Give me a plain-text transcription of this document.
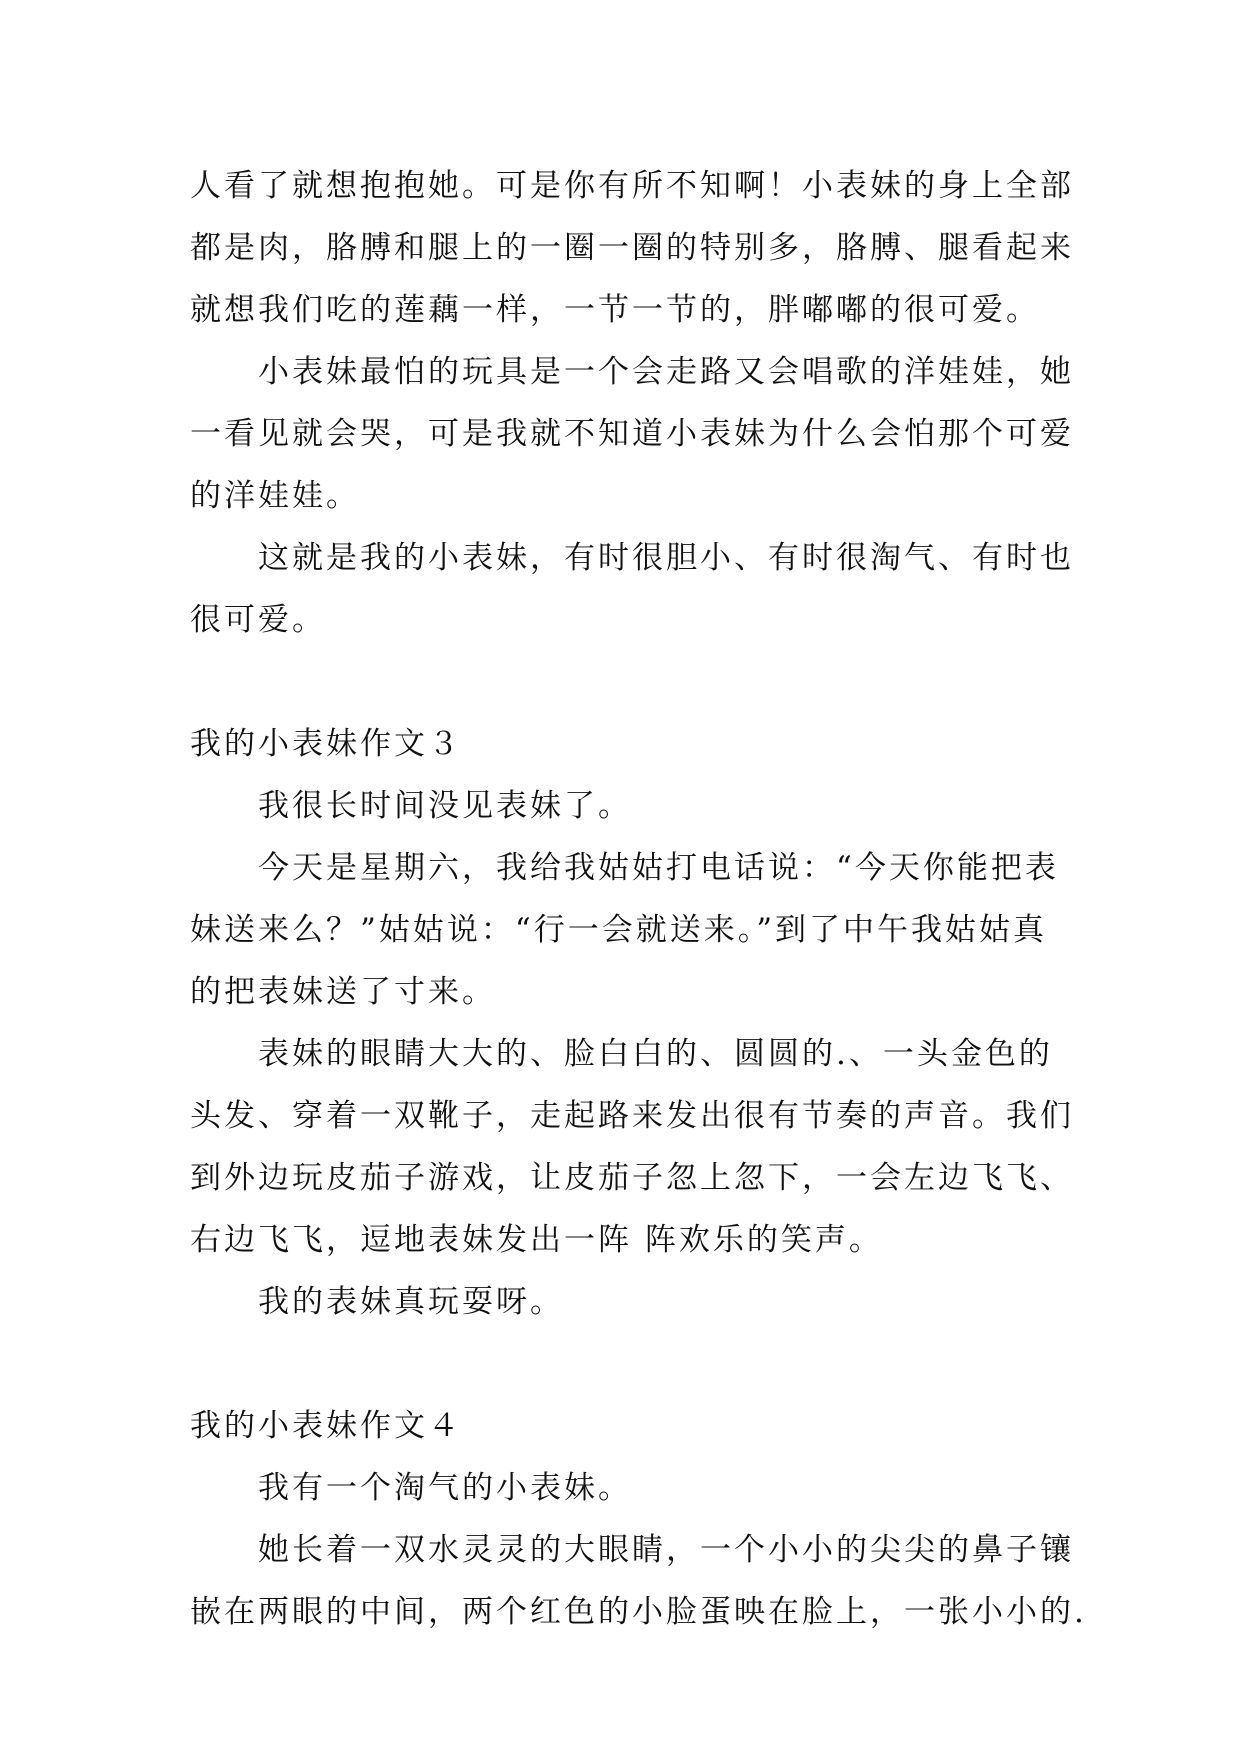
人看了就想抱抱她。可是你有所不知啊！小表妹的身上全部

都是肉，胳膊和腿上的一圈一圈的特别多，胳膊、腿看起来

就想我们吃的莲藕一样，一节一节的，胖嘟嘟的很可爱。

小表妹最怕的玩具是一个会走路又会唱歌的洋娃娃，她

一看见就会哭，可是我就不知道小表妹为什么会怕那个可爱

的洋娃娃。

这就是我的小表妹，有时很胆小、有时很淘气、有时也

很可爱。

我的小表妹作文３

我很长时间没见表妹了。

今天是星期六，我给我姑姑打电话说：“今天你能把表

妹送来么？”姑姑说：“行一会就送来。”到了中午我姑姑真

的把表妹送了寸来。

表妹的眼睛大大的、脸白白的、圆圆的.、一头金色的

头发、穿着一双靴子，走起路来发出很有节奏的声音。我们

到外边玩皮茄子游戏，让皮茄子忽上忽下，一会左边飞飞、

右边飞飞，逗地表妹发出一阵 阵欢乐的笑声。

我的表妹真玩耍呀。

我的小表妹作文４

我有一个淘气的小表妹。

她长着一双水灵灵的大眼睛，一个小小的尖尖的鼻子镶

嵌在两眼的中间，两个红色的小脸蛋映在脸上，一张小小的.
